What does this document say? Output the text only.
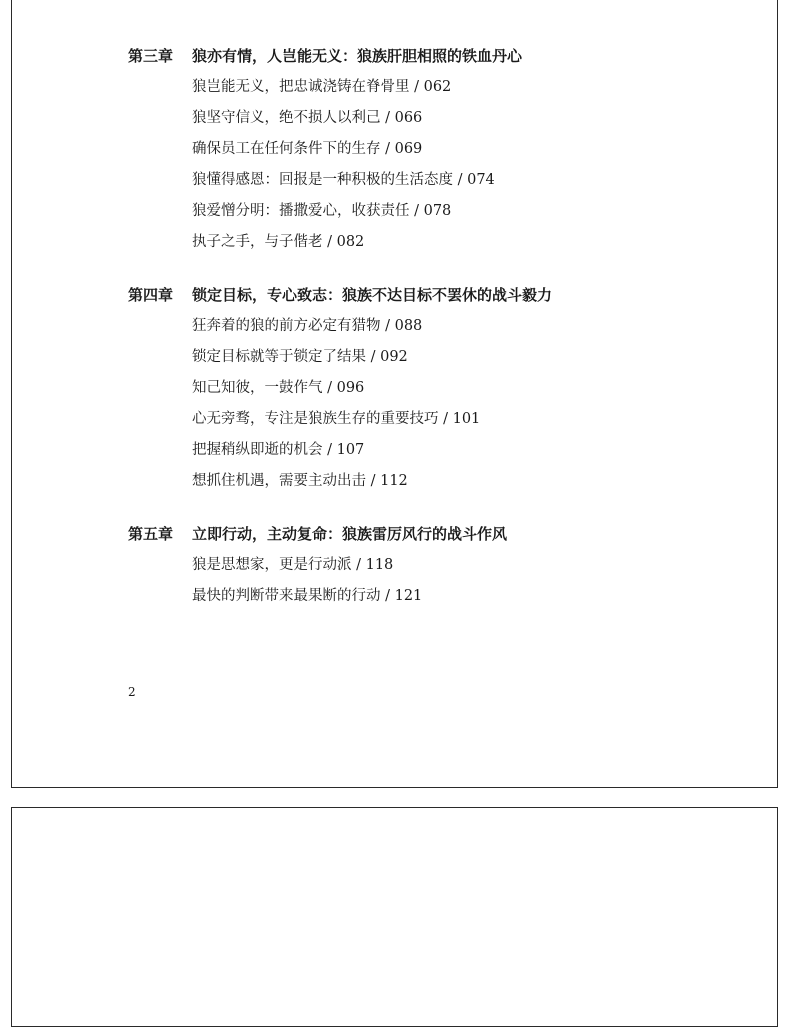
第三章 狼亦有情，人岂能无义：狼族肝胆相照的铁血丹心
狼岂能无义，把忠诚浇铸在脊骨里 / 062
狼坚守信义，绝不损人以利己 / 066
确保员工在任何条件下的生存 / 069
狼懂得感恩：回报是一种积极的生活态度 / 074
狼爱憎分明：播撒爱心，收获责任 / 078
执子之手，与子偕老 / 082
第四章 锁定目标，专心致志：狼族不达目标不罢休的战斗毅力
狂奔着的狼的前方必定有猎物 / 088
锁定目标就等于锁定了结果 / 092
知己知彼，一鼓作气 / 096
心无旁骛，专注是狼族生存的重要技巧 / 101
把握稍纵即逝的机会 / 107
想抓住机遇，需要主动出击 / 112
第五章 立即行动，主动复命：狼族雷厉风行的战斗作风
狼是思想家，更是行动派 / 118
最快的判断带来最果断的行动 / 121
2
